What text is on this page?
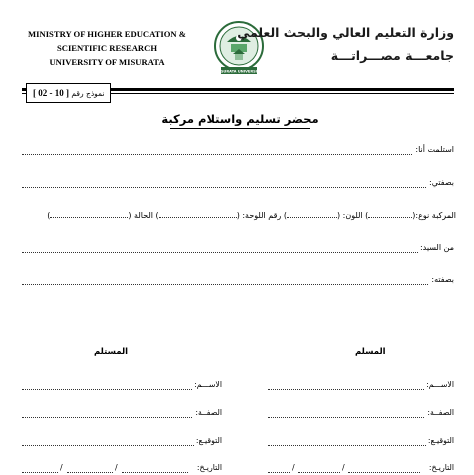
MINISTRY OF HIGHER EDUCATION &
SCIENTIFIC RESEARCH
UNIVERSITY OF MISURATA
MISURATA UNIVERSITY
وزارة التعليم العالي والبحث العلمي
جامعـــة مصـــراتـــة
نموذج رقم [ 10 - 02 ]
محضر تسليم واستلام مركبة
استلمت أنا:
بصفتي:
المركبة نوع:() اللون: () رقم اللوحة: () الحالة ()
من السيد:
بصفته:
المسلم
المستلم
الاســـم:
الصفــة:
التوقيـع:
التاريـخ:
/
/
الاســـم:
الصفــة:
التوقيـع:
التاريـخ:
/
/
